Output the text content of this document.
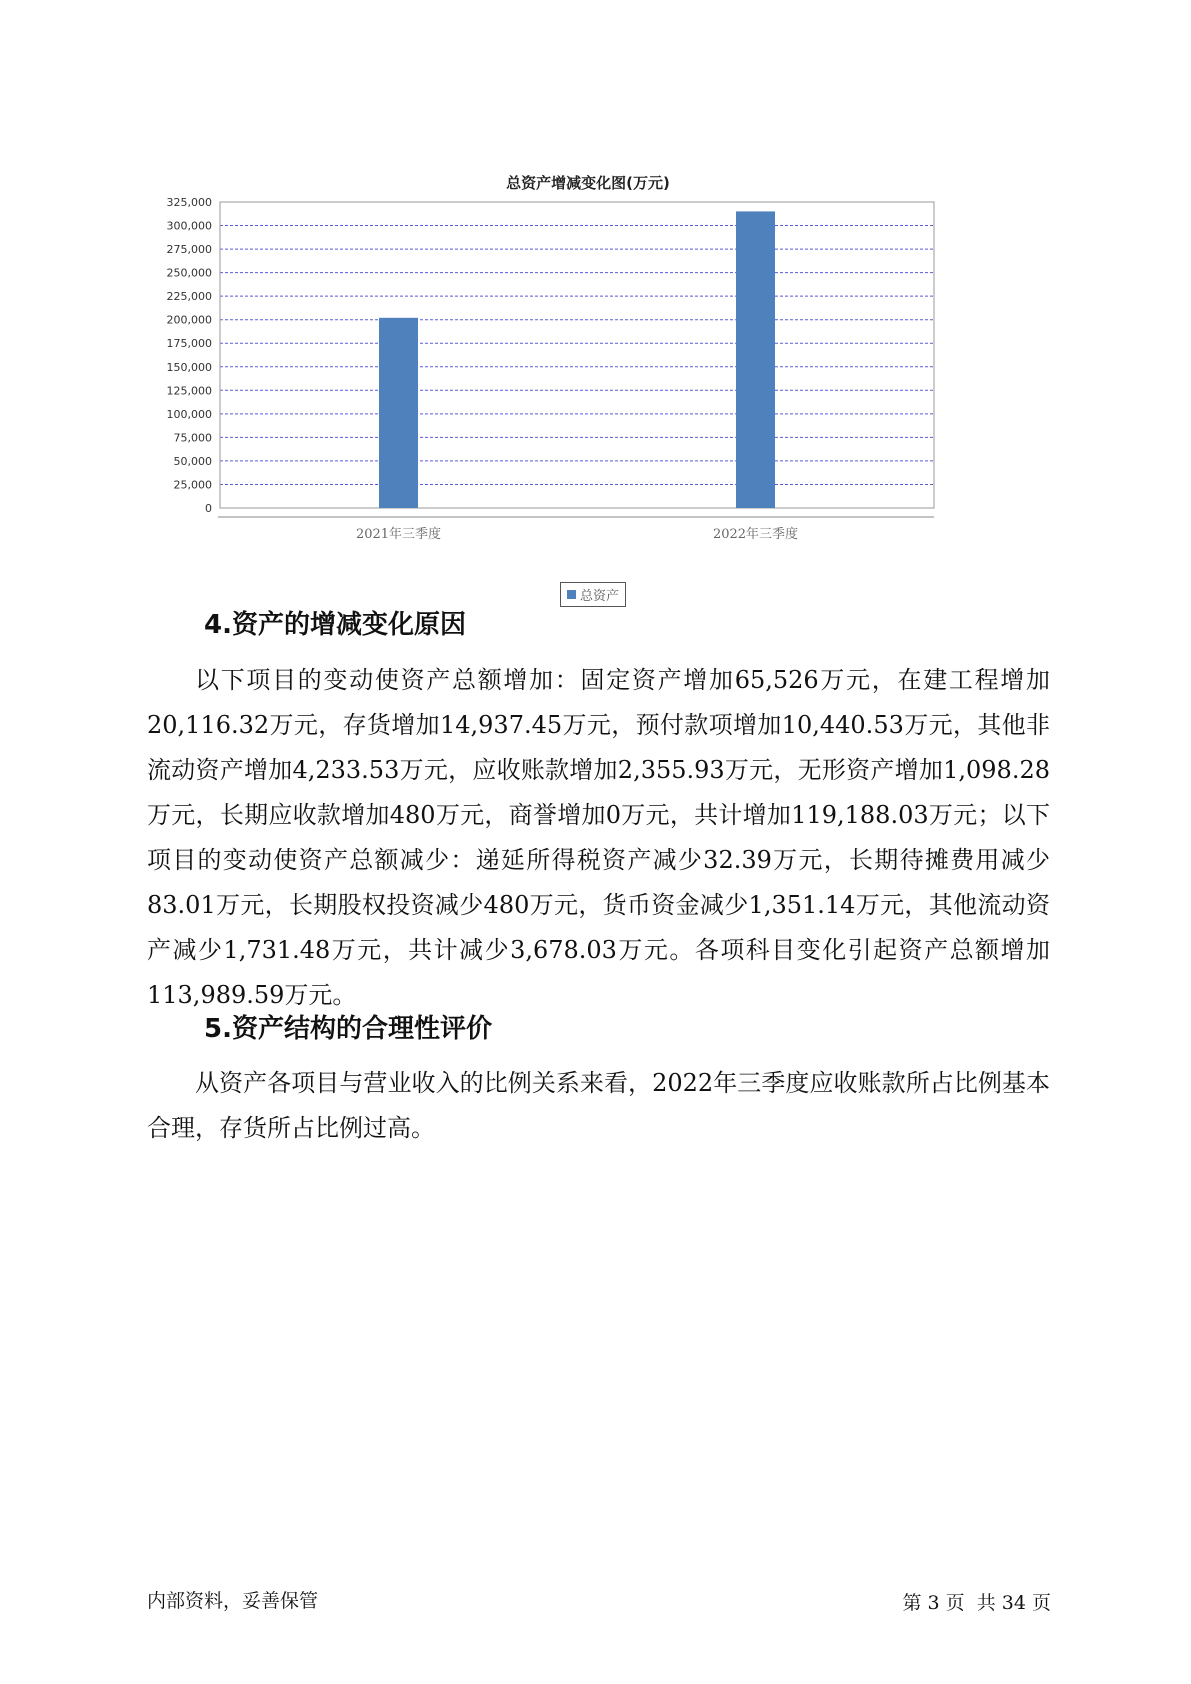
总资产增减变化图(万元)
0
25,000
50,000
75,000
100,000
125,000
150,000
175,000
200,000
225,000
250,000
275,000
300,000
325,000
2021年三季度	2022年三季度
总资产
4.资产的增减变化原因

以下项目的变动使资产总额增加：固定资产增加65,526万元，在建工程增加20,116.32万元，存货增加14,937.45万元，预付款项增加10,440.53万元，其他非流动资产增加4,233.53万元，应收账款增加2,355.93万元，无形资产增加1,098.28万元，长期应收款增加480万元，商誉增加0万元，共计增加119,188.03万元；以下项目的变动使资产总额减少：递延所得税资产减少32.39万元，长期待摊费用减少83.01万元，长期股权投资减少480万元，货币资金减少1,351.14万元，其他流动资产减少1,731.48万元，共计减少3,678.03万元。各项科目变化引起资产总额增加113,989.59万元。

5.资产结构的合理性评价

从资产各项目与营业收入的比例关系来看，2022年三季度应收账款所占比例基本合理，存货所占比例过高。

内部资料，妥善保管	第 3 页  共 34 页
